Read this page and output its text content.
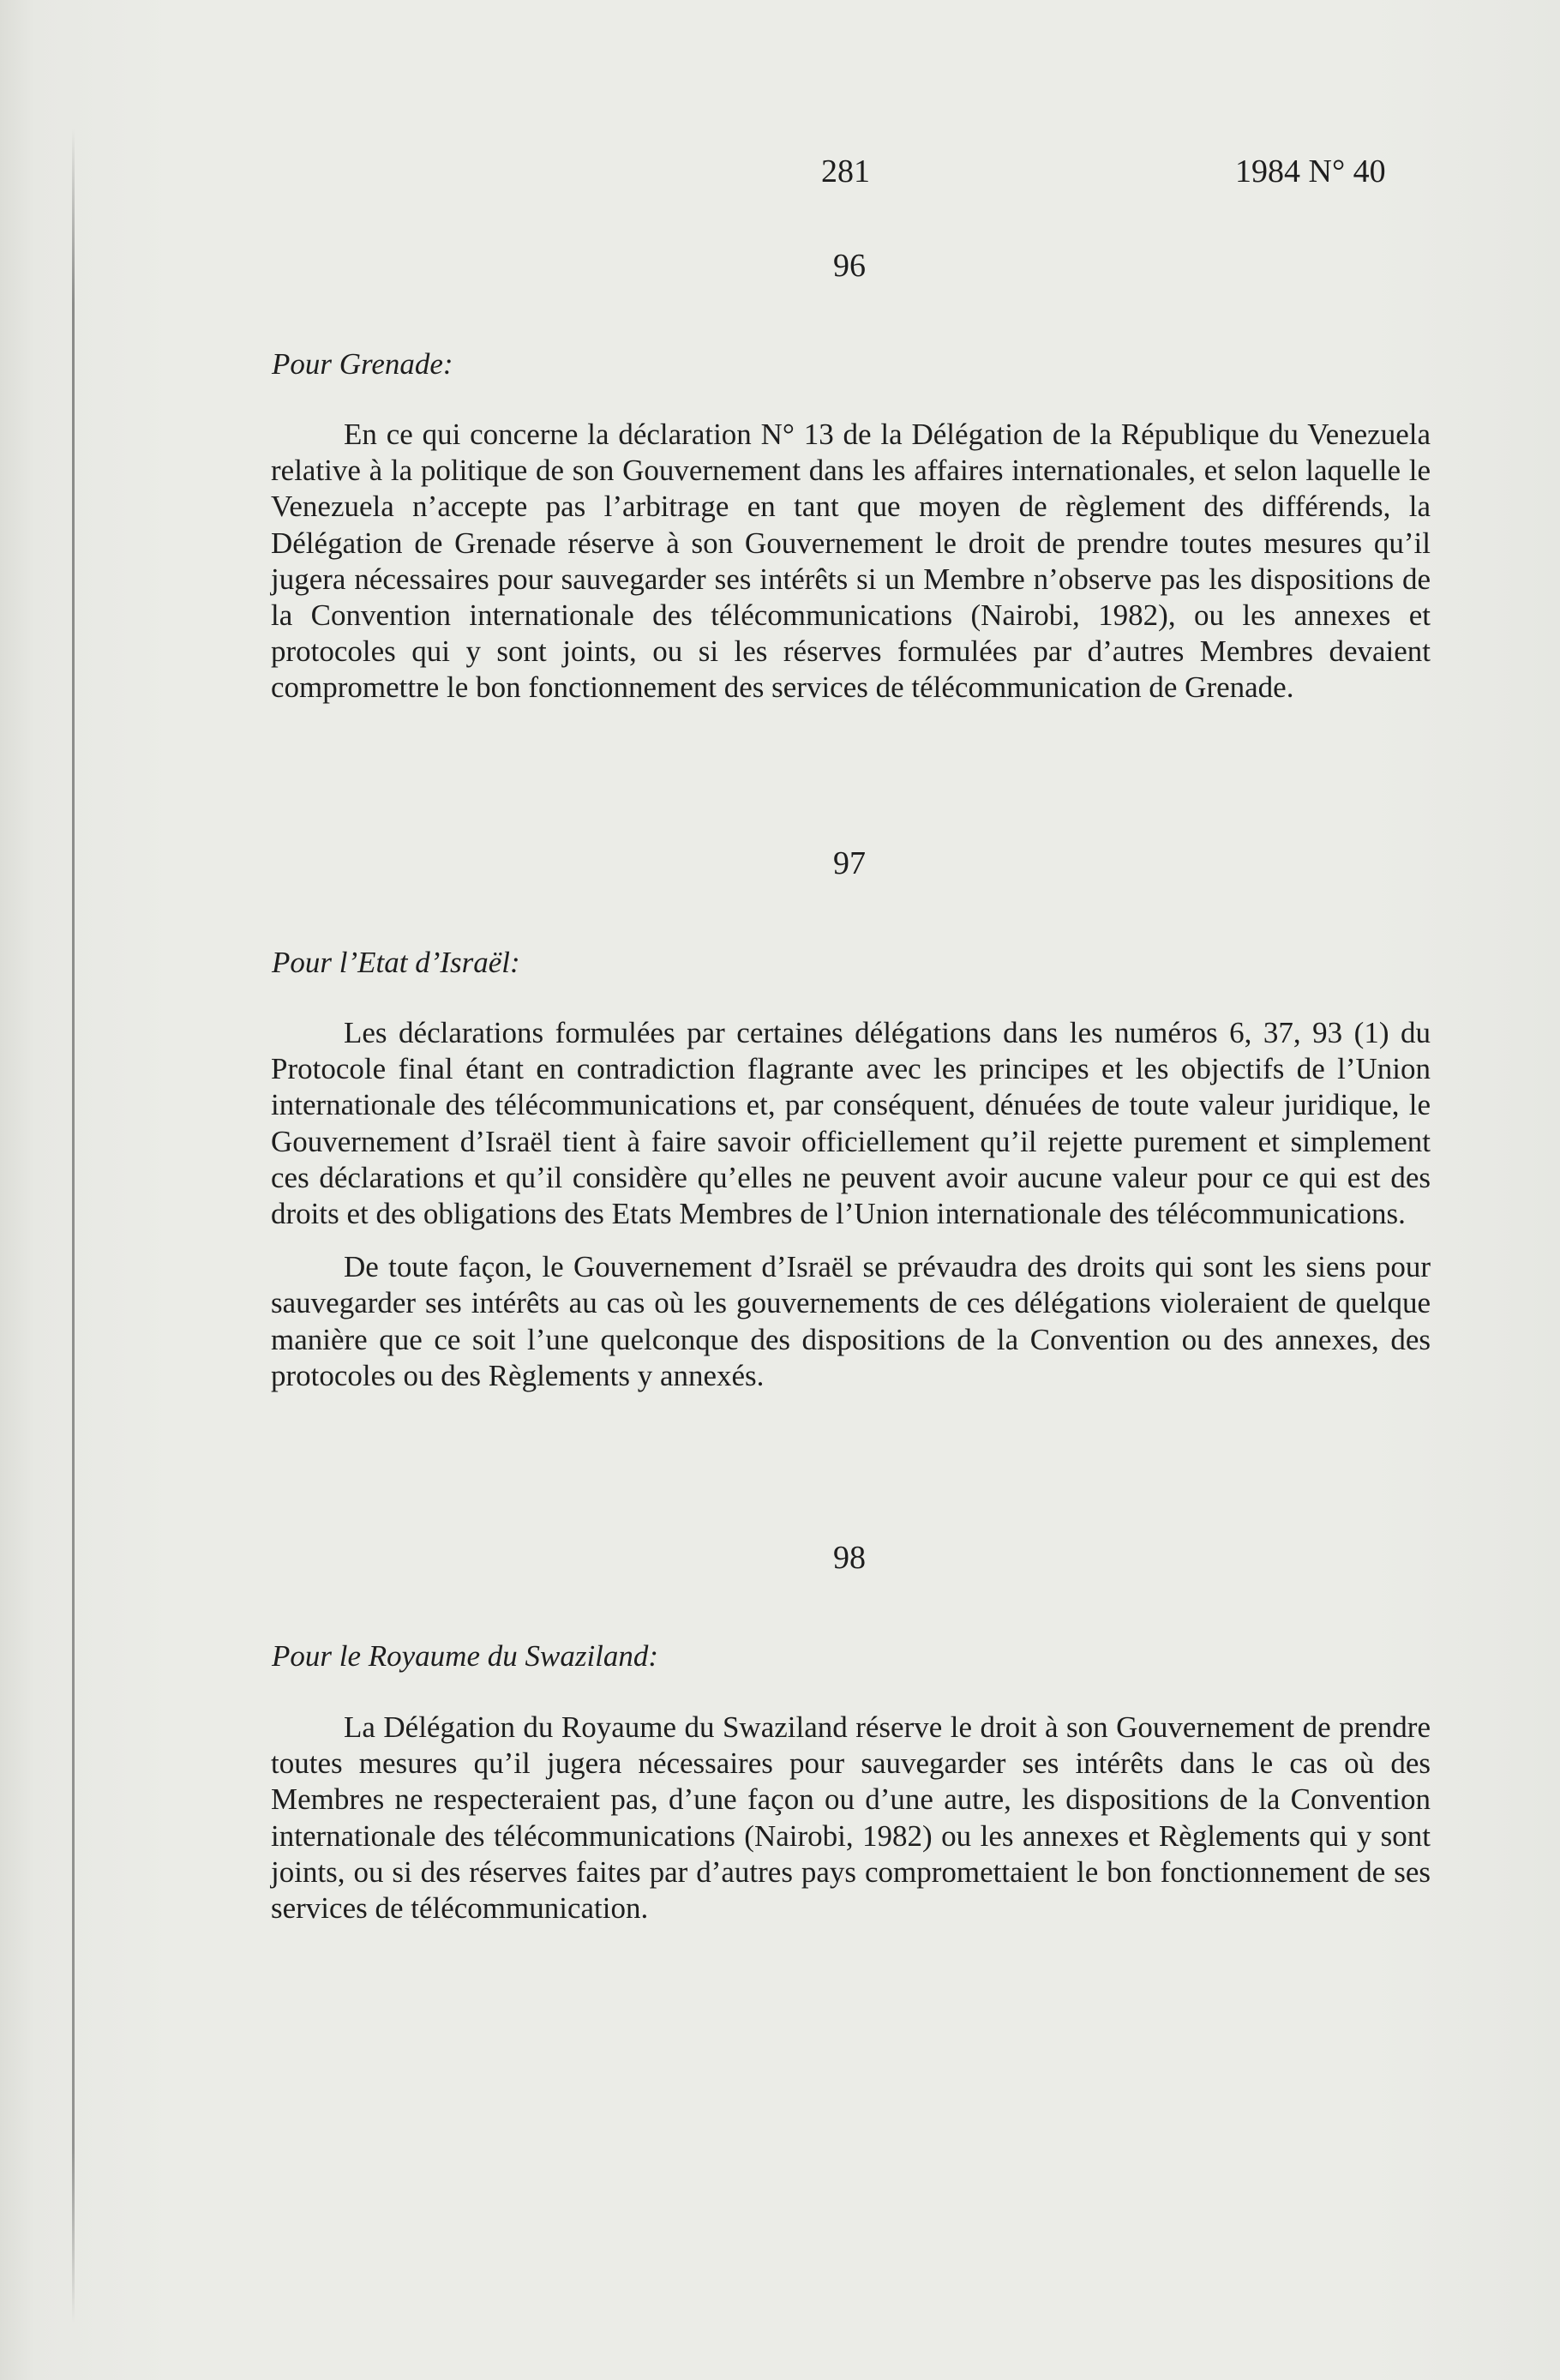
281	1984 N° 40
96
Pour Grenade:

En ce qui concerne la déclaration N° 13 de la Délégation de la République du Venezuela relative à la politique de son Gouvernement dans les affaires internationales, et selon laquelle le Venezuela n’accepte pas l’arbitrage en tant que moyen de règlement des différends, la Délégation de Grenade réserve à son Gouvernement le droit de prendre toutes mesures qu’il jugera nécessaires pour sauvegarder ses intérêts si un Membre n’observe pas les dispositions de la Convention internationale des télécommunications (Nairobi, 1982), ou les annexes et protocoles qui y sont joints, ou si les réserves formulées par d’autres Membres devaient compromettre le bon fonctionnement des services de télécommunication de Grenade.

97
Pour l’Etat d’Israël:

Les déclarations formulées par certaines délégations dans les numéros 6, 37, 93 (1) du Protocole final étant en contradiction flagrante avec les principes et les objectifs de l’Union internationale des télécommunications et, par conséquent, dénuées de toute valeur juridique, le Gouvernement d’Israël tient à faire savoir officiellement qu’il rejette purement et simplement ces déclarations et qu’il considère qu’elles ne peuvent avoir aucune valeur pour ce qui est des droits et des obligations des Etats Membres de l’Union internationale des télécommunications.

De toute façon, le Gouvernement d’Israël se prévaudra des droits qui sont les siens pour sauvegarder ses intérêts au cas où les gouvernements de ces délégations violeraient de quelque manière que ce soit l’une quelconque des dispositions de la Convention ou des annexes, des protocoles ou des Règlements y annexés.

98
Pour le Royaume du Swaziland:

La Délégation du Royaume du Swaziland réserve le droit à son Gouvernement de prendre toutes mesures qu’il jugera nécessaires pour sauvegarder ses intérêts dans le cas où des Membres ne respecteraient pas, d’une façon ou d’une autre, les dispositions de la Convention internationale des télécommunications (Nairobi, 1982) ou les annexes et Règlements qui y sont joints, ou si des réserves faites par d’autres pays compromettaient le bon fonctionnement de ses services de télécommunication.
